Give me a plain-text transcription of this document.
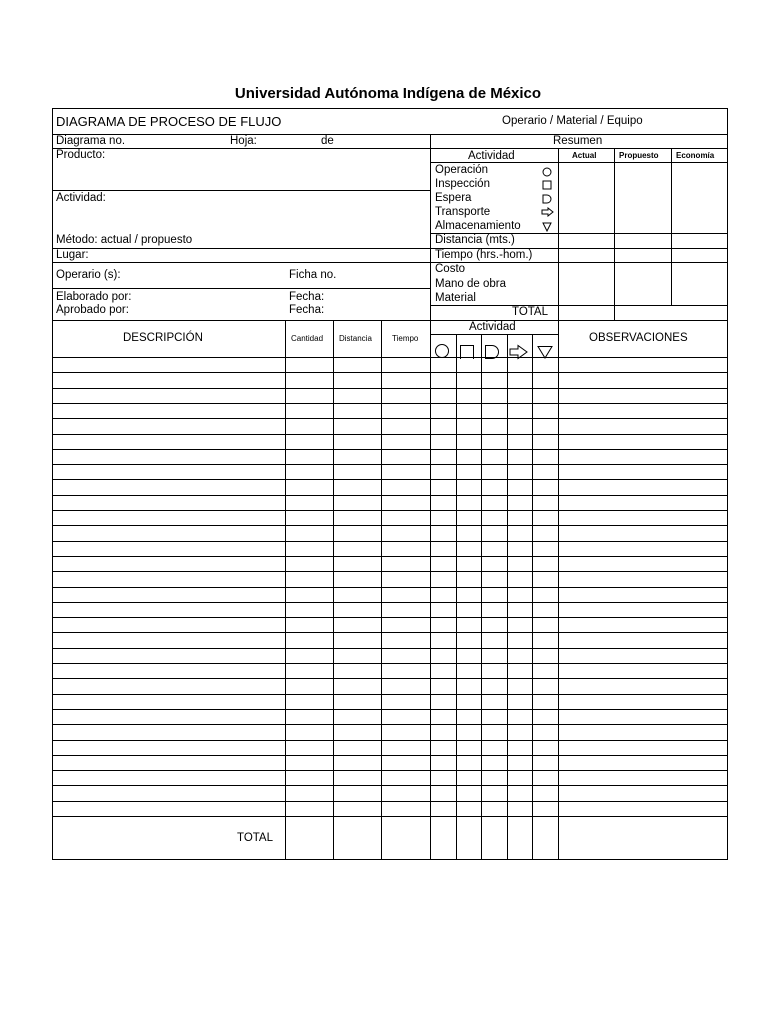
Universidad Autónoma Indígena de México
DIAGRAMA DE PROCESO DE FLUJO	Operario / Material / Equipo
Diagrama no.	Hoja:	de	Resumen
Producto:
Actividad:
Método: actual / propuesto
Lugar:
Operario (s):	Ficha no.
Elaborado por:	Fecha:
Aprobado por:	Fecha:
Actividad	Actual	Propuesto Economía
Operación
Inspección
Espera
Transporte
Almacenamiento
Distancia (mts.)
Tiempo (hrs.-hom.)
Costo
Mano de obra
Material
TOTAL
DESCRIPCIÓN	Cantidad Distancia	Tiempo
Actividad
OBSERVACIONES
TOTAL
